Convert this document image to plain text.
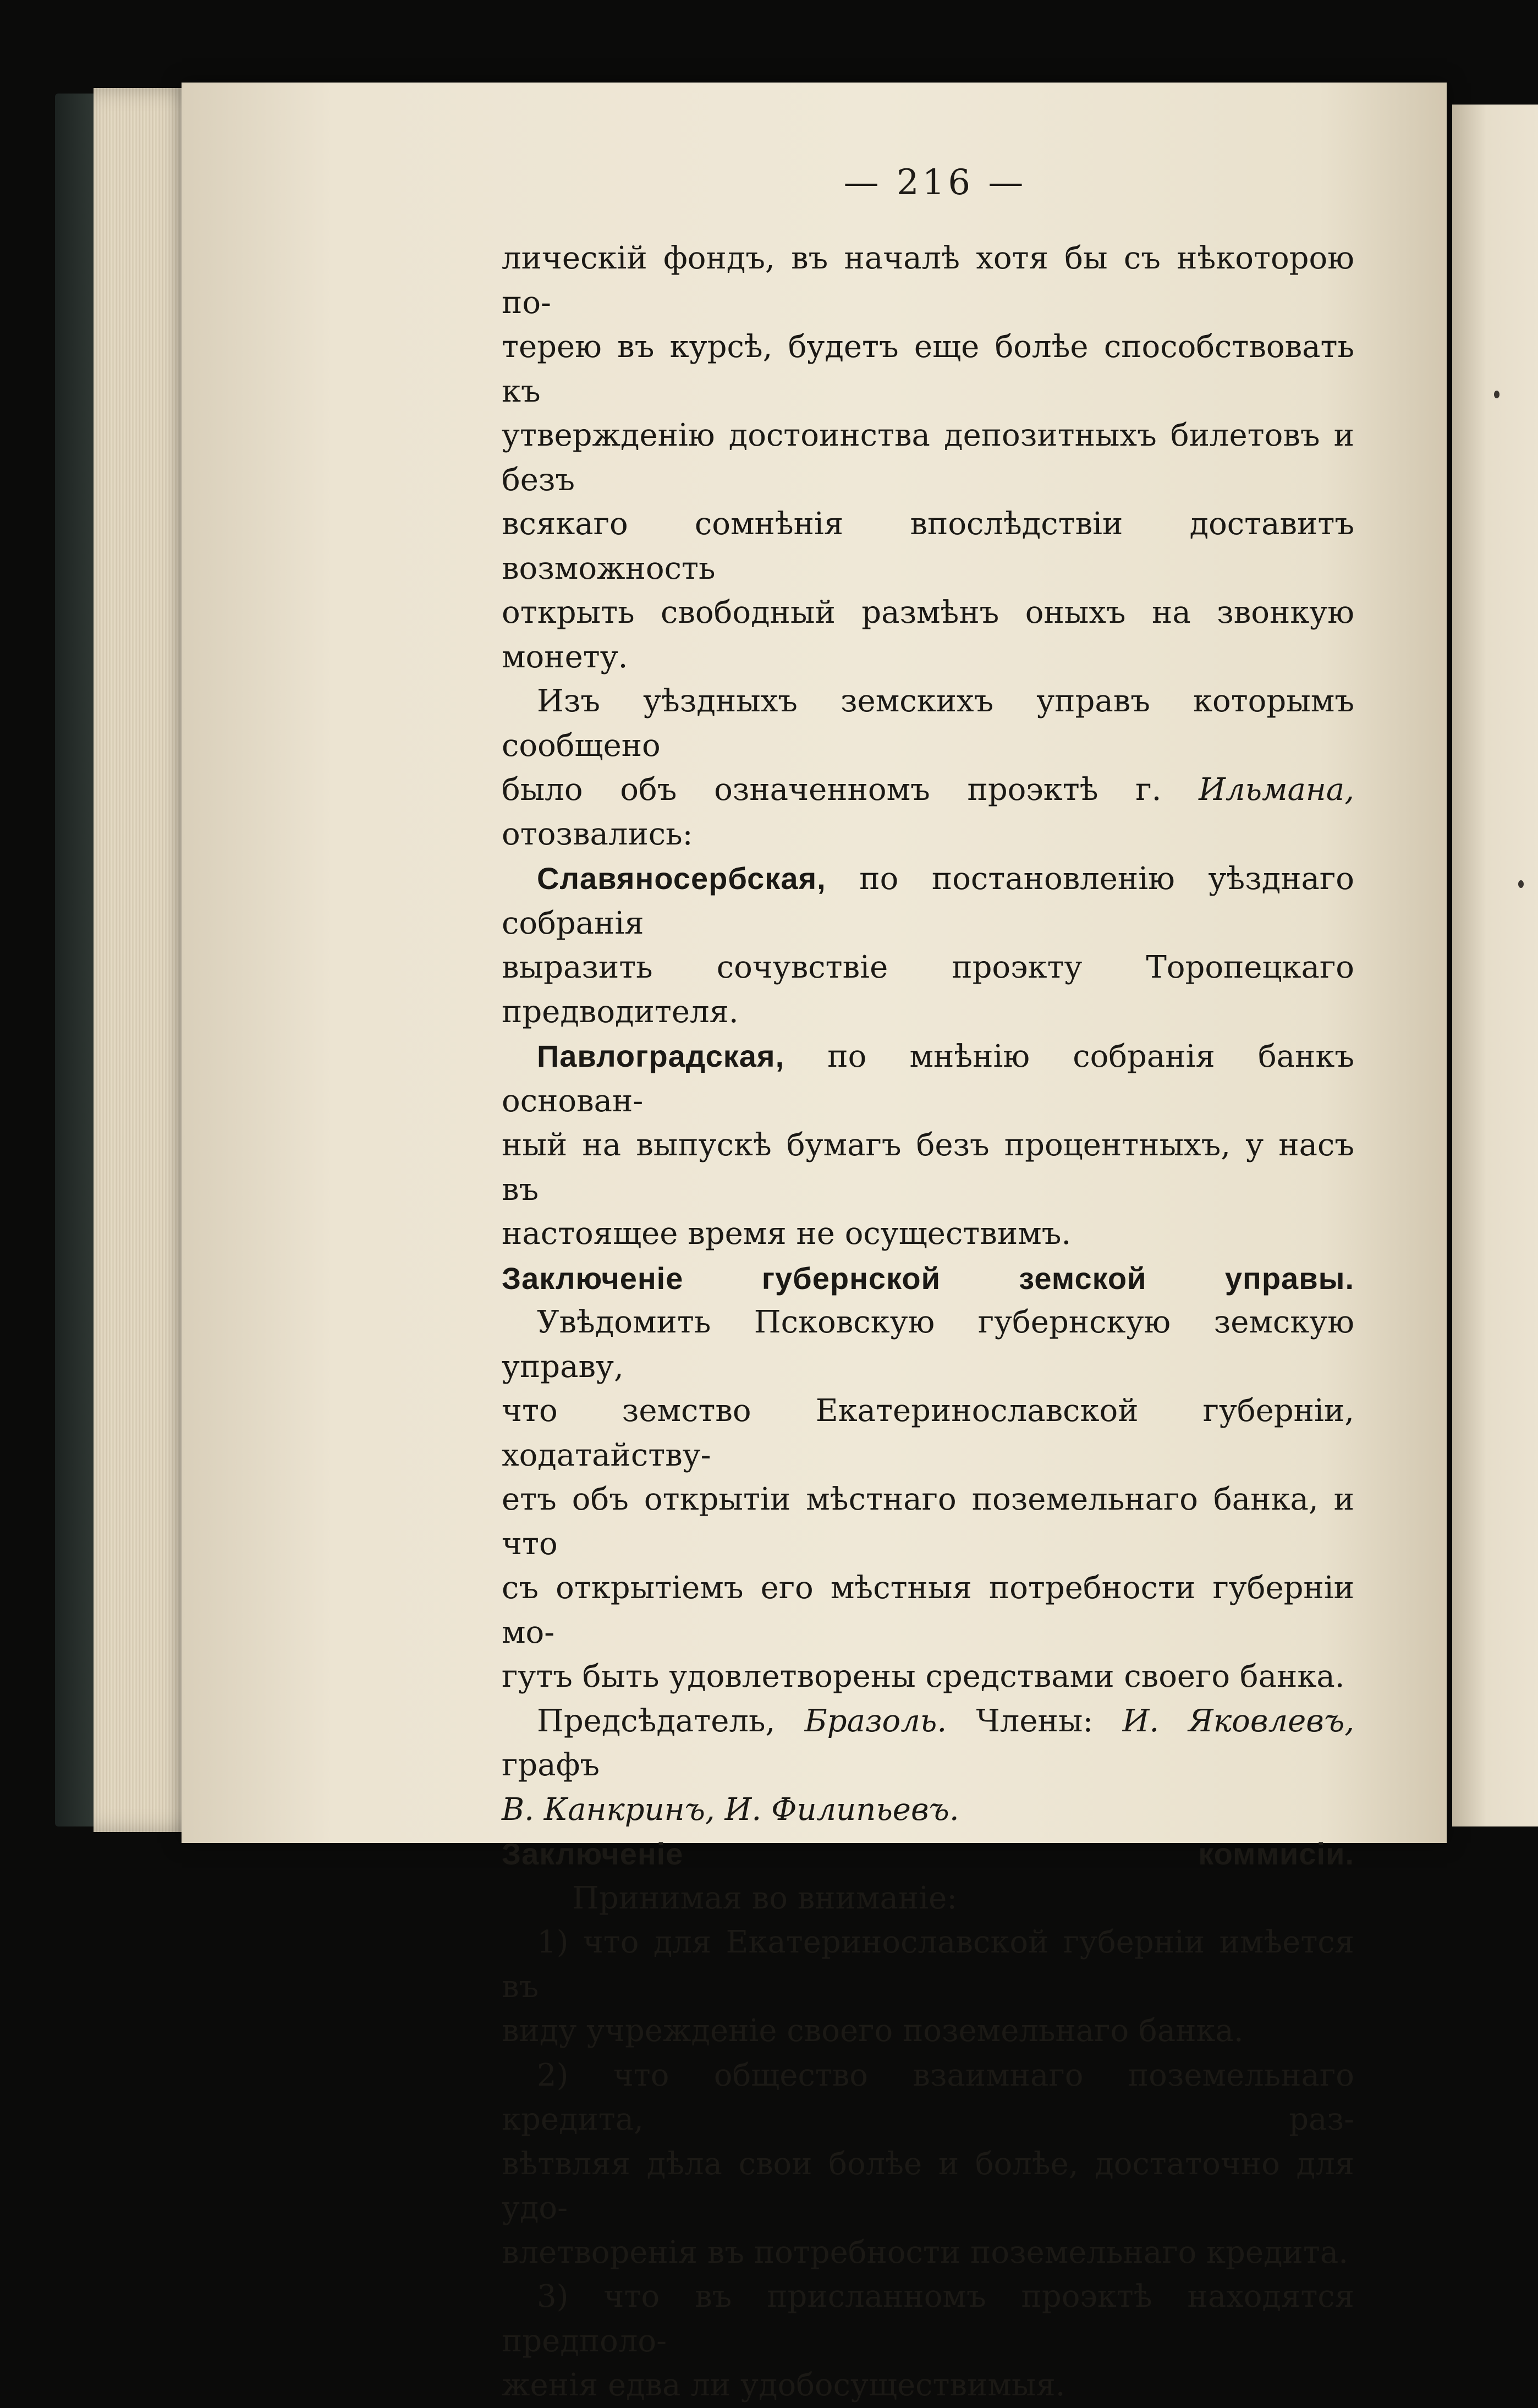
— 216 —

лическій фондъ, въ началѣ хотя бы съ нѣкоторою по-

терею въ курсѣ, будетъ еще болѣе способствовать къ

утвержденію достоинства депозитныхъ билетовъ и безъ

всякаго сомнѣнія впослѣдствіи доставитъ возможность

открыть свободный размѣнъ оныхъ на звонкую монету.

Изъ уѣздныхъ земскихъ управъ которымъ сообщено

было объ означенномъ проэктѣ г. Ильмана, отозвались:

Славяносербская, по постановленію уѣзднаго собранія

выразить сочувствіе проэкту Торопецкаго предводителя.

Павлоградская, по мнѣнію собранія банкъ основан-

ный на выпускѣ бумагъ безъ процентныхъ, у насъ въ

настоящее время не осуществимъ.

Заключеніе губернской земской управы.

Увѣдомить Псковскую губернскую земскую управу,

что земство Екатеринославской губерніи, ходатайству-

етъ объ открытіи мѣстнаго поземельнаго банка, и что

съ открытіемъ его мѣстныя потребности губерніи мо-

гутъ быть удовлетворены средствами своего банка.

Предсѣдатель, Бразоль. Члены: И. Яковлевъ, графъ

В. Канкринъ, И. Филипьевъ.

Заключеніе коммисіи.

Принимая во вниманіе:

1) что для Екатеринославской губерніи имѣется въ

виду учрежденіе своего поземельнаго банка.

2) что общество взаимнаго поземельнаго кредита, раз-

вѣтвляя дѣла свои болѣе и болѣе, достаточно для удо-

влетворенія въ потребности поземельнаго кредита.

3) что въ присланномъ проэктѣ находятся предполо-

женія едва ли удобосуществимыя.
